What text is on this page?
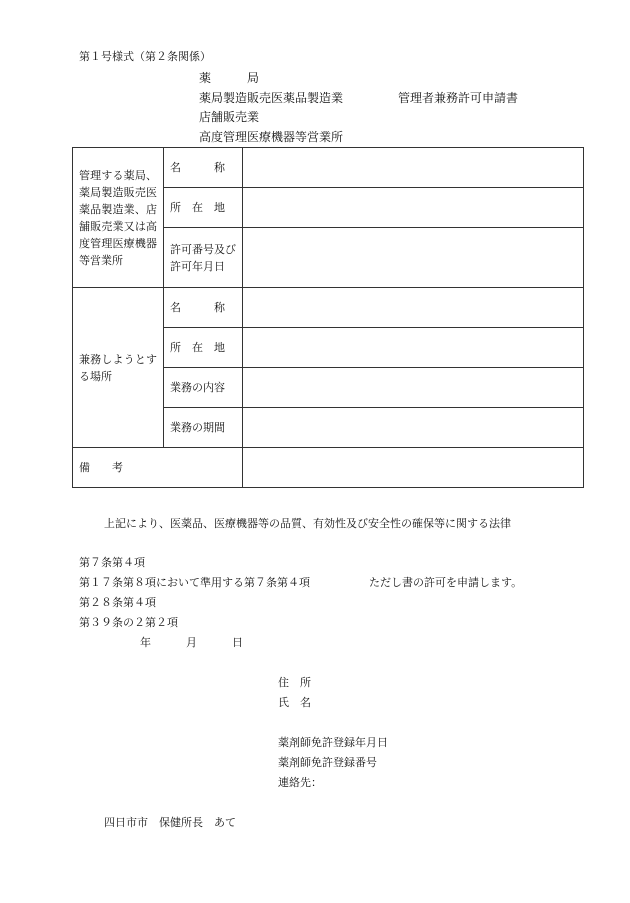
第１号様式（第２条関係）
薬　　　局
薬局製造販売医薬品製造業
店舗販売業
高度管理医療機器等営業所
管理者兼務許可申請書
管理する薬局、薬局製造販売医薬品製造業、店舗販売業又は高度管理医療機器等営業所	名　　　称	
	所　在　地	
	許可番号及び許可年月日	
兼務しようとする場所	名　　　称	
	所　在　地	
	業務の内容	
	業務の期間	
備　　考		
上記により、医薬品、医療機器等の品質、有効性及び安全性の確保等に関する法律
第７条第４項
第１７条第８項において準用する第７条第４項	ただし書の許可を申請します。
第２８条第４項
第３９条の２第２項
年	月	日
住　所
氏　名
薬剤師免許登録年月日
薬剤師免許登録番号
連絡先：
四日市市　保健所長　あて
